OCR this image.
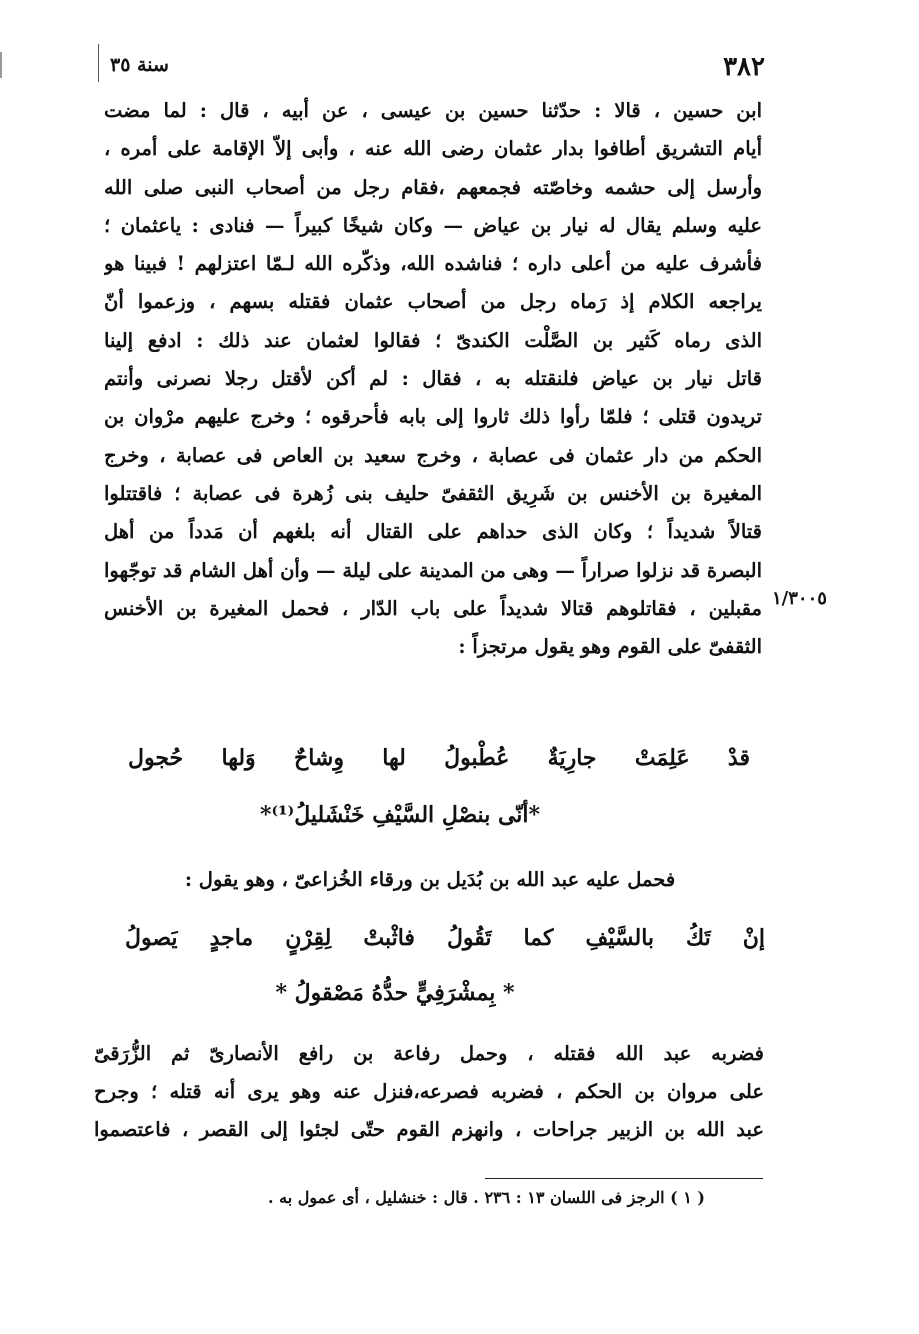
٣٨٢
سنة ٣٥
١/٣٠٠٥
ابن حسين ، قالا : حدّثنا حسين بن عيسى ، عن أبيه ، قال : لما مضت
أيام التشريق أطافوا بدار عثمان رضى الله عنه ، وأبى إلاّ الإقامة على أمره ،
وأرسل إلى حشمه وخاصّته فجمعهم ،فقام رجل من أصحاب النبى صلى الله
عليه وسلم يقال له نيار بن عياض — وكان شيخًا كبيراً — فنادى : ياعثمان ؛
فأشرف عليه من أعلى داره ؛ فناشده الله، وذكّره الله لـمّا اعتزلهم ! فبينا هو
يراجعه الكلام إذ رَماه رجل من أصحاب عثمان فقتله بسهم ، وزعموا أنّ
الذى رماه كَثير بن الصَّلْت الكندىّ ؛ فقالوا لعثمان عند ذلك : ادفع إلينا
قاتل نيار بن عياض فلنقتله به ، فقال : لم أكن لأقتل رجلا نصرنى وأنتم
تريدون قتلى ؛ فلمّا رأوا ذلك ثاروا إلى بابه فأحرقوه ؛ وخرج عليهم مرْوان بن
الحكم من دار عثمان فى عصابة ، وخرج سعيد بن العاص فى عصابة ، وخرج
المغيرة بن الأخنس بن شَرِيق الثقفىّ حليف بنى زُهرة فى عصابة ؛ فاقتتلوا
قتالاً شديداً ؛ وكان الذى حداهم على القتال أنه بلغهم أن مَدداً من أهل
البصرة قد نزلوا صراراً — وهى من المدينة على ليلة — وأن أهل الشام قد توجّهوا
مقبلين ، فقاتلوهم قتالا شديداً على باب الدّار ، فحمل المغيرة بن الأخنس
الثقفىّ على القوم وهو يقول مرتجزاً :
قدْ عَلِمَتْ جارِيَةٌ عُطْبولُ لها وِشاحٌ وَلها حُجول
*أنّى بنصْلِ السَّيْفِ خَنْشَليلُ⁽¹⁾*
فحمل عليه عبد الله بن بُدَيل بن ورقاء الخُزاعىّ ، وهو يقول :
إنْ تَكُ بالسَّيْفِ كما تَقُولُ فاثْبتْ لِقِرْنٍ ماجدٍ يَصولُ
* بِمشْرَفِيٍّ حدُّهُ مَصْقولُ *
فضربه عبد الله فقتله ، وحمل رفاعة بن رافع الأنصارىّ ثم الزُّرَقىّ
على مروان بن الحكم ، فضربه فصرعه،فنزل عنه وهو يرى أنه قتله ؛ وجرح
عبد الله بن الزبير جراحات ، وانهزم القوم حتّى لجئوا إلى القصر ، فاعتصموا
( ١ ) الرجز فى اللسان ١٣ : ٢٣٦ . قال : خنشليل ، أى عمول به .
